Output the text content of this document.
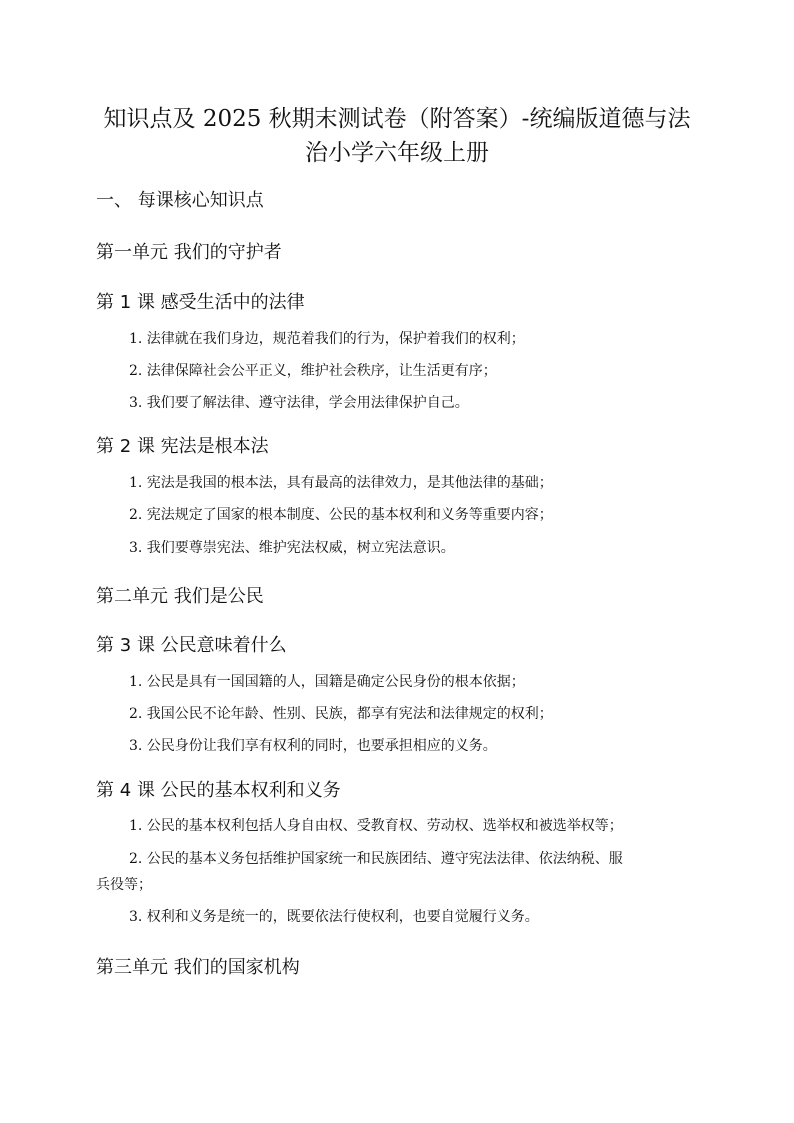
知识点及 2025 秋期末测试卷（附答案）-统编版道德与法
治小学六年级上册
一、 每课核心知识点
第一单元 我们的守护者
第 1 课 感受生活中的法律

1. 法律就在我们身边，规范着我们的行为，保护着我们的权利；

2. 法律保障社会公平正义，维护社会秩序，让生活更有序；

3. 我们要了解法律、遵守法律，学会用法律保护自己。

第 2 课 宪法是根本法

1. 宪法是我国的根本法，具有最高的法律效力，是其他法律的基础；

2. 宪法规定了国家的根本制度、公民的基本权利和义务等重要内容；

3. 我们要尊崇宪法、维护宪法权威，树立宪法意识。

第二单元 我们是公民
第 3 课 公民意味着什么

1. 公民是具有一国国籍的人，国籍是确定公民身份的根本依据；

2. 我国公民不论年龄、性别、民族，都享有宪法和法律规定的权利；

3. 公民身份让我们享有权利的同时，也要承担相应的义务。

第 4 课 公民的基本权利和义务

1. 公民的基本权利包括人身自由权、受教育权、劳动权、选举权和被选举权等；

2. 公民的基本义务包括维护国家统一和民族团结、遵守宪法法律、依法纳税、服

兵役等；

3. 权利和义务是统一的，既要依法行使权利，也要自觉履行义务。

第三单元 我们的国家机构
